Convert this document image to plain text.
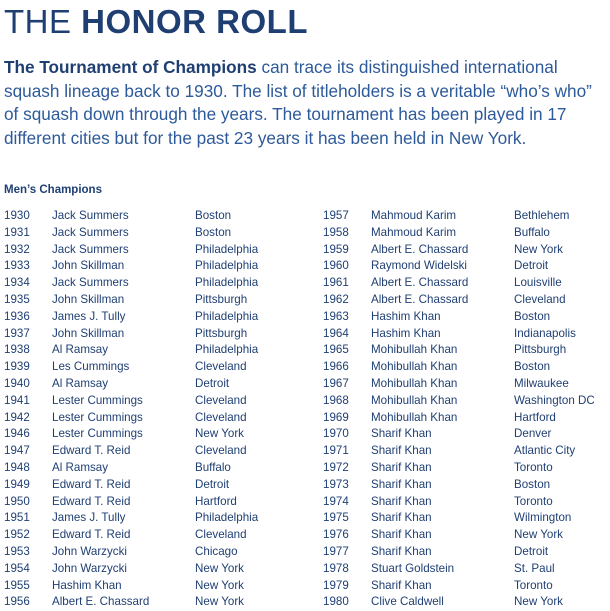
THE HONOR ROLL

The Tournament of Champions can trace its distinguished international squash lineage back to 1930. The list of titleholders is a veritable “who’s who” of squash down through the years. The tournament has been played in 17 different cities but for the past 23 years it has been held in New York.

Men’s Champions
1930	Jack Summers	Boston
1931	Jack Summers	Boston
1932	Jack Summers	Philadelphia
1933	John Skillman	Philadelphia
1934	Jack Summers	Philadelphia
1935	John Skillman	Pittsburgh
1936	James J. Tully	Philadelphia
1937	John Skillman	Pittsburgh
1938	Al Ramsay	Philadelphia
1939	Les Cummings	Cleveland
1940	Al Ramsay	Detroit
1941	Lester Cummings	Cleveland
1942	Lester Cummings	Cleveland
1946	Lester Cummings	New York
1947	Edward T. Reid	Cleveland
1948	Al Ramsay	Buffalo
1949	Edward T. Reid	Detroit
1950	Edward T. Reid	Hartford
1951	James J. Tully	Philadelphia
1952	Edward T. Reid	Cleveland
1953	John Warzycki	Chicago
1954	John Warzycki	New York
1955	Hashim Khan	New York
1956	Albert E. Chassard	New York
1957	Mahmoud Karim	Bethlehem
1958	Mahmoud Karim	Buffalo
1959	Albert E. Chassard	New York
1960	Raymond Widelski	Detroit
1961	Albert E. Chassard	Louisville
1962	Albert E. Chassard	Cleveland
1963	Hashim Khan	Boston
1964	Hashim Khan	Indianapolis
1965	Mohibullah Khan	Pittsburgh
1966	Mohibullah Khan	Boston
1967	Mohibullah Khan	Milwaukee
1968	Mohibullah Khan	Washington DC
1969	Mohibullah Khan	Hartford
1970	Sharif Khan	Denver
1971	Sharif Khan	Atlantic City
1972	Sharif Khan	Toronto
1973	Sharif Khan	Boston
1974	Sharif Khan	Toronto
1975	Sharif Khan	Wilmington
1976	Sharif Khan	New York
1977	Sharif Khan	Detroit
1978	Stuart Goldstein	St. Paul
1979	Sharif Khan	Toronto
1980	Clive Caldwell	New York
